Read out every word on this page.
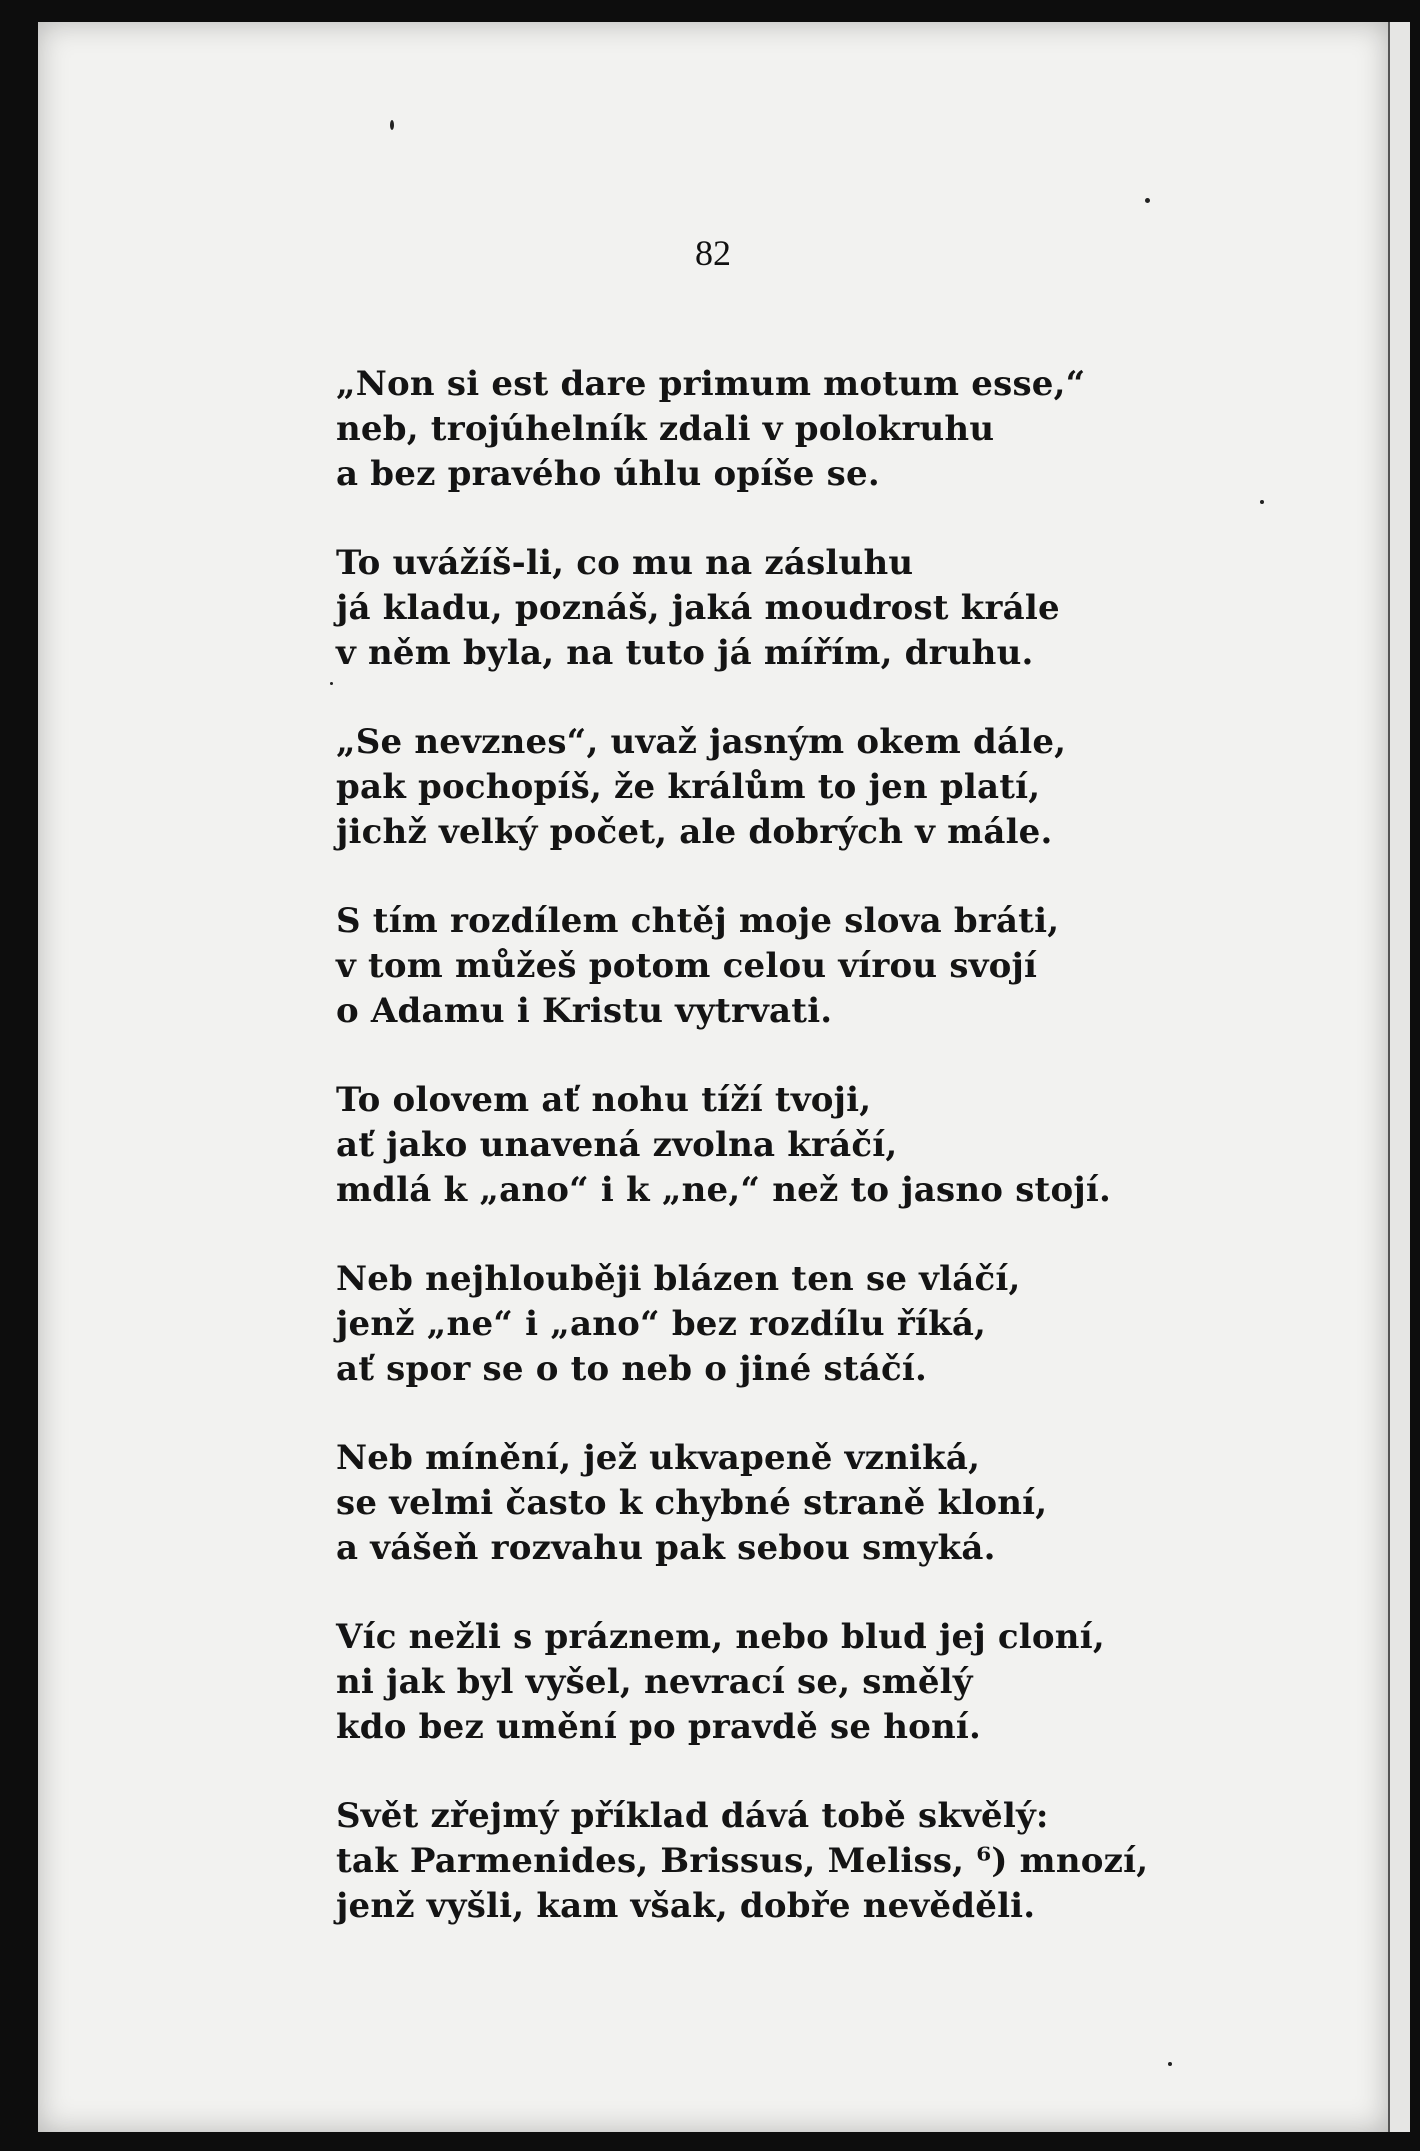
82
„Non si est dare primum motum esse,“
neb, trojúhelník zdali v polokruhu
a bez pravého úhlu opíše se.
To uvážíš-li, co mu na zásluhu
já kladu, poznáš, jaká moudrost krále
v něm byla, na tuto já mířím, druhu.
„Se nevznes“, uvaž jasným okem dále,
pak pochopíš, že králům to jen platí,
jichž velký počet, ale dobrých v mále.
S tím rozdílem chtěj moje slova bráti,
v tom můžeš potom celou vírou svojí
o Adamu i Kristu vytrvati.
To olovem ať nohu tíží tvoji,
ať jako unavená zvolna kráčí,
mdlá k „ano“ i k „ne,“ než to jasno stojí.
Neb nejhlouběji blázen ten se vláčí,
jenž „ne“ i „ano“ bez rozdílu říká,
ať spor se o to neb o jiné stáčí.
Neb mínění, jež ukvapeně vzniká,
se velmi často k chybné straně kloní,
a vášeň rozvahu pak sebou smyká.
Víc nežli s práznem, nebo blud jej cloní,
ni jak byl vyšel, nevrací se, smělý
kdo bez umění po pravdě se honí.
Svět zřejmý příklad dává tobě skvělý:
tak Parmenides, Brissus, Meliss, ⁶) mnozí,
jenž vyšli, kam však, dobře nevěděli.
